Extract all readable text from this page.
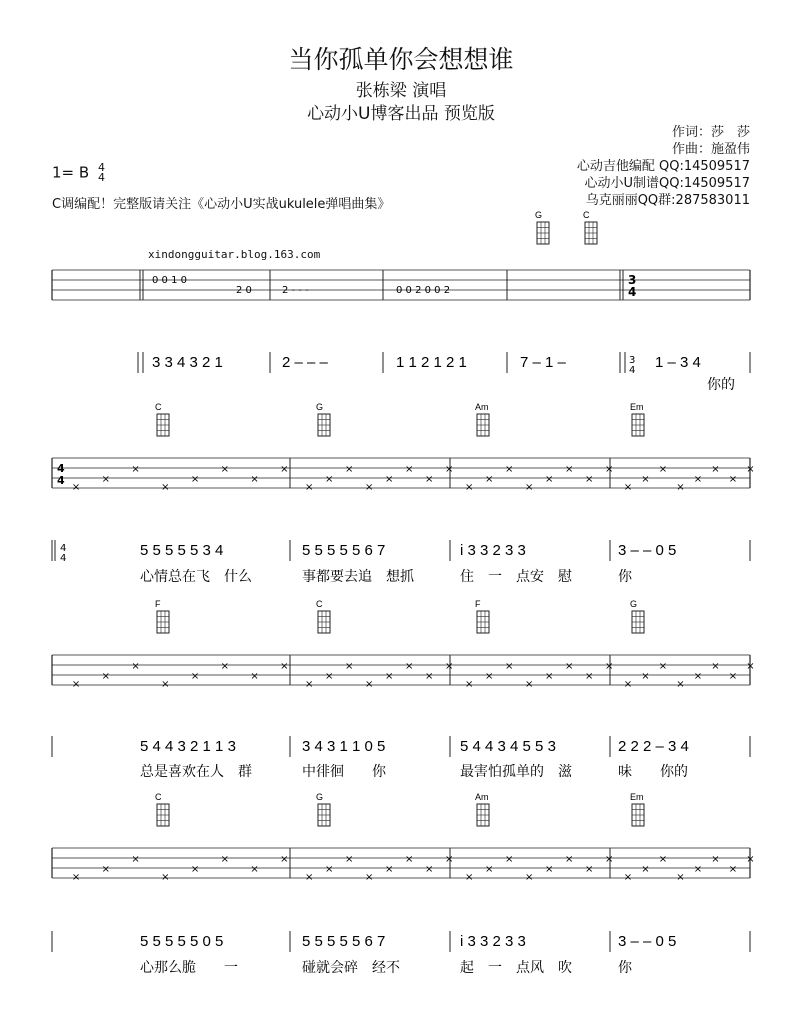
当你孤单你会想想谁
张栋梁 演唱
心动小U博客出品 预览版
作词：莎　莎
作曲：施盈伟
心动吉他编配 QQ:14509517
心动小U制谱QQ:14509517
乌克丽丽QQ群:287583011
1= B 4
4
C调编配！完整版请关注《心动小U实战ukulele弹唱曲集》
xindongguitar.blog.163.com
0 0 1 0
2 0	2 - - -	0 0 2 0 0 2
3
4
G	C
3 3 4 3 2 1	2 – – –	1 1 2 1 2 1	7 – 1 –	1 – 3 4
3
4
你的
×
×
×
×
×
×
×
×
×
×
×
×
×
×
×
×
×
×
×
×
×
×
×
×
×
×
×
×
×
×
×
×
4
4
C	G	Am	Em
5 5 5 5 5 3 4	5 5 5 5 5 6 7	i 3 3 2 3 3	3 – – 0 5
4
4
心情总在飞　什么	事都要去追　想抓	住　一　点安　慰	你
×
×
×
×
×
×
×
×
×
×
×
×
×
×
×
×
×
×
×
×
×
×
×
×
×
×
×
×
×
×
×
×
F	C	F	G
5 4 4 3 2 1 1 3	3 4 3 1 1 0 5	5 4 4 3 4 5 5 3	2 2 2 – 3 4
总是喜欢在人　群	中徘徊　　你	最害怕孤单的　滋	味　　你的
×
×
×
×
×
×
×
×
×
×
×
×
×
×
×
×
×
×
×
×
×
×
×
×
×
×
×
×
×
×
×
×
C	G	Am	Em
5 5 5 5 5 0 5	5 5 5 5 5 6 7	i 3 3 2 3 3	3 – – 0 5
心那么脆　　一	碰就会碎　经不	起　一　点风　吹	你
